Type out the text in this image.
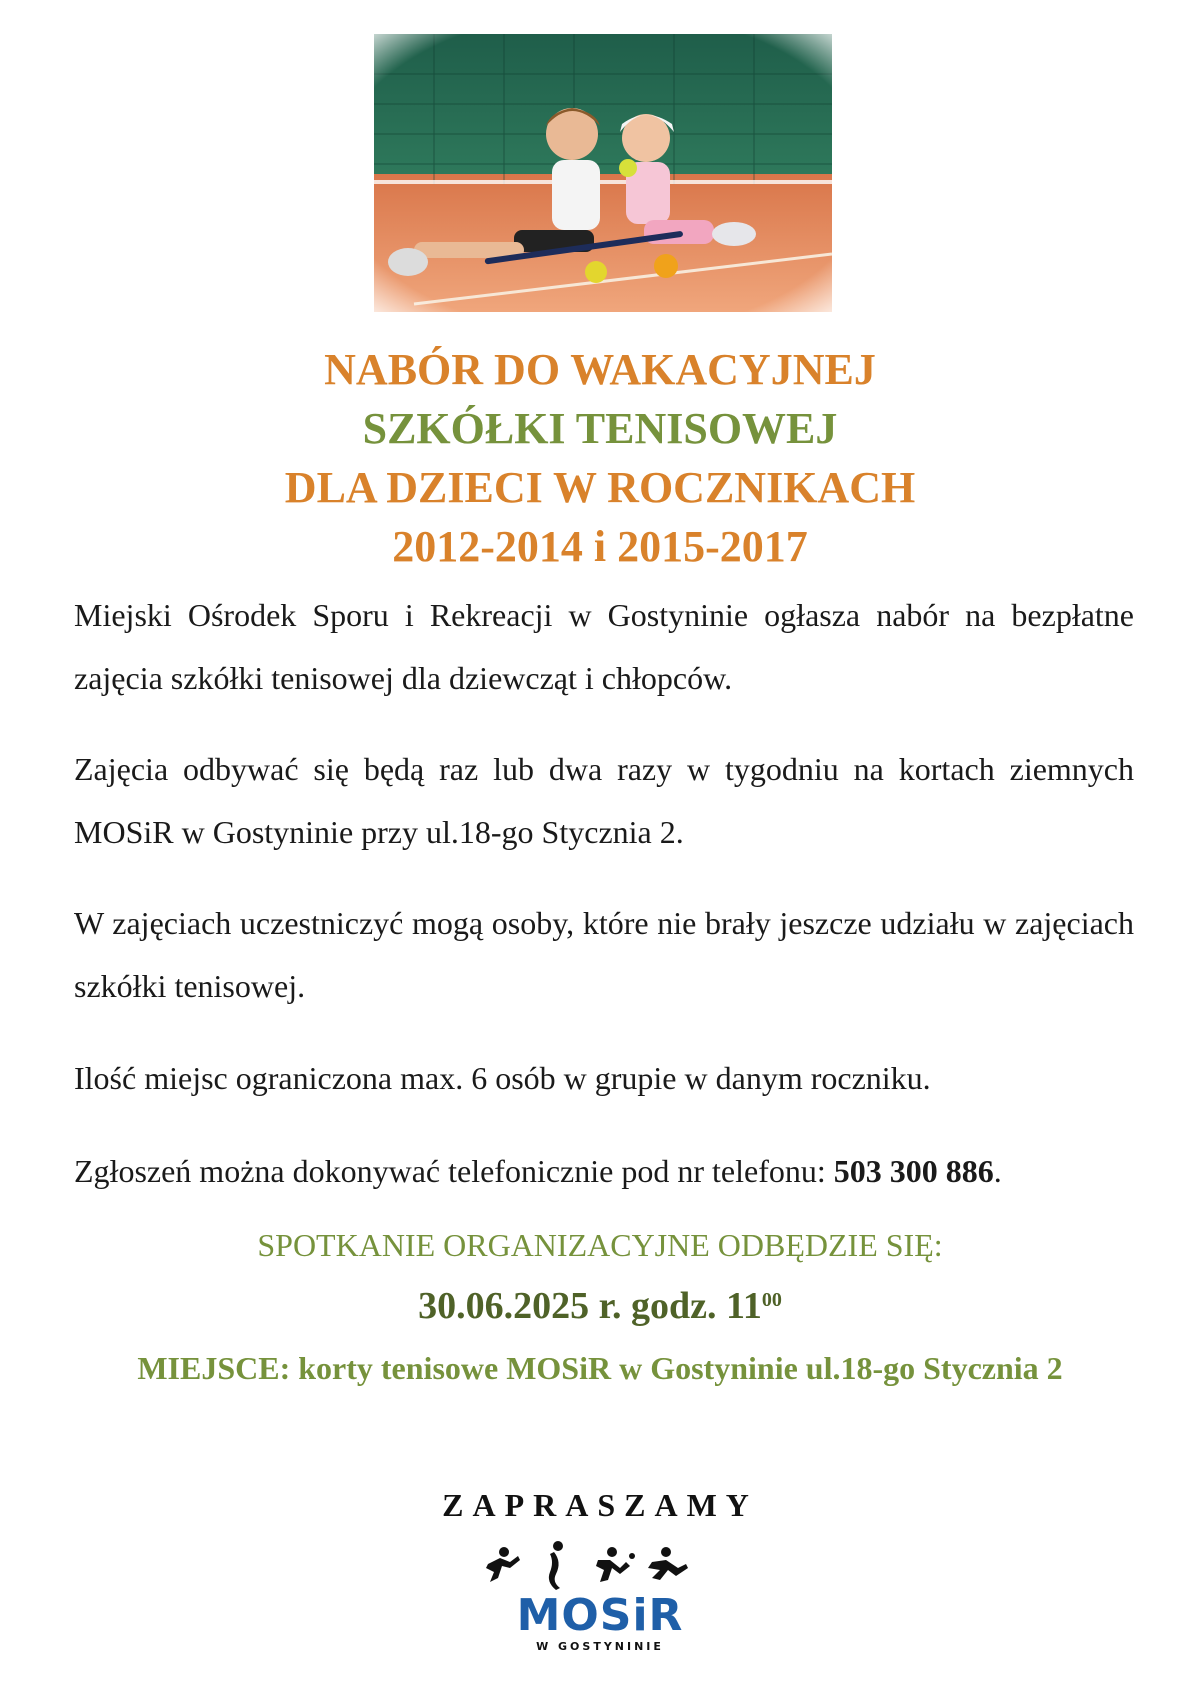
NABÓR DO WAKACYJNEJ
SZKÓŁKI TENISOWEJ
DLA DZIECI W ROCZNIKACH
2012-2014 i 2015-2017

Miejski Ośrodek Sporu i Rekreacji w Gostyninie ogłasza nabór na bezpłatne zajęcia szkółki tenisowej dla dziewcząt i chłopców.

Zajęcia odbywać się będą raz lub dwa razy w tygodniu na kortach ziemnych MOSiR w Gostyninie przy ul.18-go Stycznia 2.

W zajęciach uczestniczyć mogą osoby, które nie brały jeszcze udziału w zajęciach szkółki tenisowej.

Ilość miejsc ograniczona max. 6 osób w grupie w danym roczniku.

Zgłoszeń można dokonywać telefonicznie pod nr telefonu: 503 300 886.

SPOTKANIE ORGANIZACYJNE ODBĘDZIE SIĘ:

30.06.2025 r. godz. $11^{00}$

MIEJSCE: korty tenisowe MOSiR w Gostyninie ul.18-go Stycznia 2

ZAPRASZAMY

MOSiR
W GOSTYNINIE
